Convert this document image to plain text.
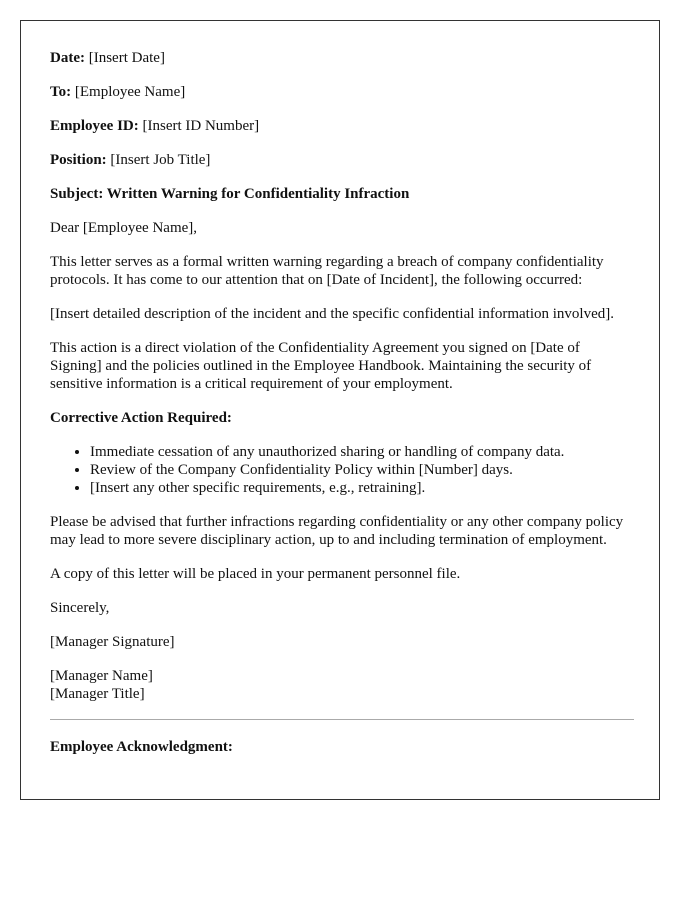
Date: [Insert Date]

To: [Employee Name]

Employee ID: [Insert ID Number]

Position: [Insert Job Title]

Subject: Written Warning for Confidentiality Infraction

Dear [Employee Name],

This letter serves as a formal written warning regarding a breach of company confidentiality protocols. It has come to our attention that on [Date of Incident], the following occurred:

[Insert detailed description of the incident and the specific confidential information involved].

This action is a direct violation of the Confidentiality Agreement you signed on [Date of Signing] and the policies outlined in the Employee Handbook. Maintaining the security of sensitive information is a critical requirement of your employment.

Corrective Action Required:

• Immediate cessation of any unauthorized sharing or handling of company data.
• Review of the Company Confidentiality Policy within [Number] days.
• [Insert any other specific requirements, e.g., retraining].

Please be advised that further infractions regarding confidentiality or any other company policy may lead to more severe disciplinary action, up to and including termination of employment.

A copy of this letter will be placed in your permanent personnel file.

Sincerely,

[Manager Signature]

[Manager Name]
[Manager Title]

Employee Acknowledgment:
